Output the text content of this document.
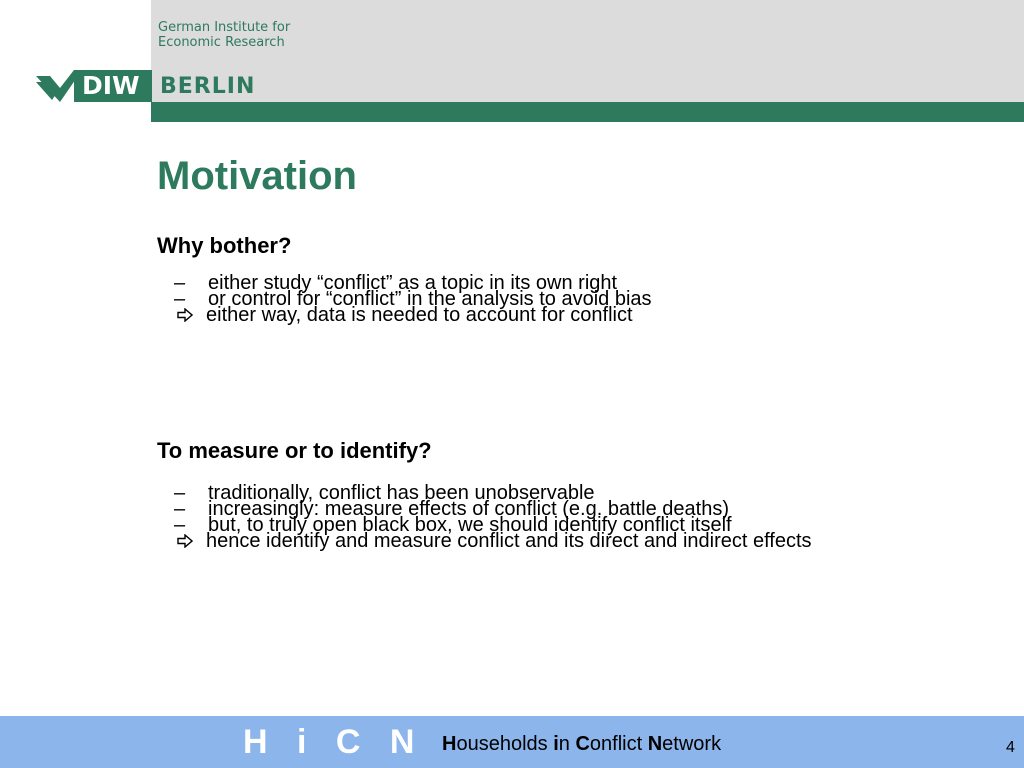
German Institute for
Economic Research
DIW BERLIN
Motivation
Why bother?
– either study “conflict” as a topic in its own right
– or control for “conflict” in the analysis to avoid bias
either way, data is needed to account for conflict
To measure or to identify?
– traditionally, conflict has been unobservable
– increasingly: measure effects of conflict (e.g. battle deaths)
– but, to truly open black box, we should identify conflict itself
hence identify and measure conflict and its direct and indirect effects
H i C N Households in Conflict Network	4
